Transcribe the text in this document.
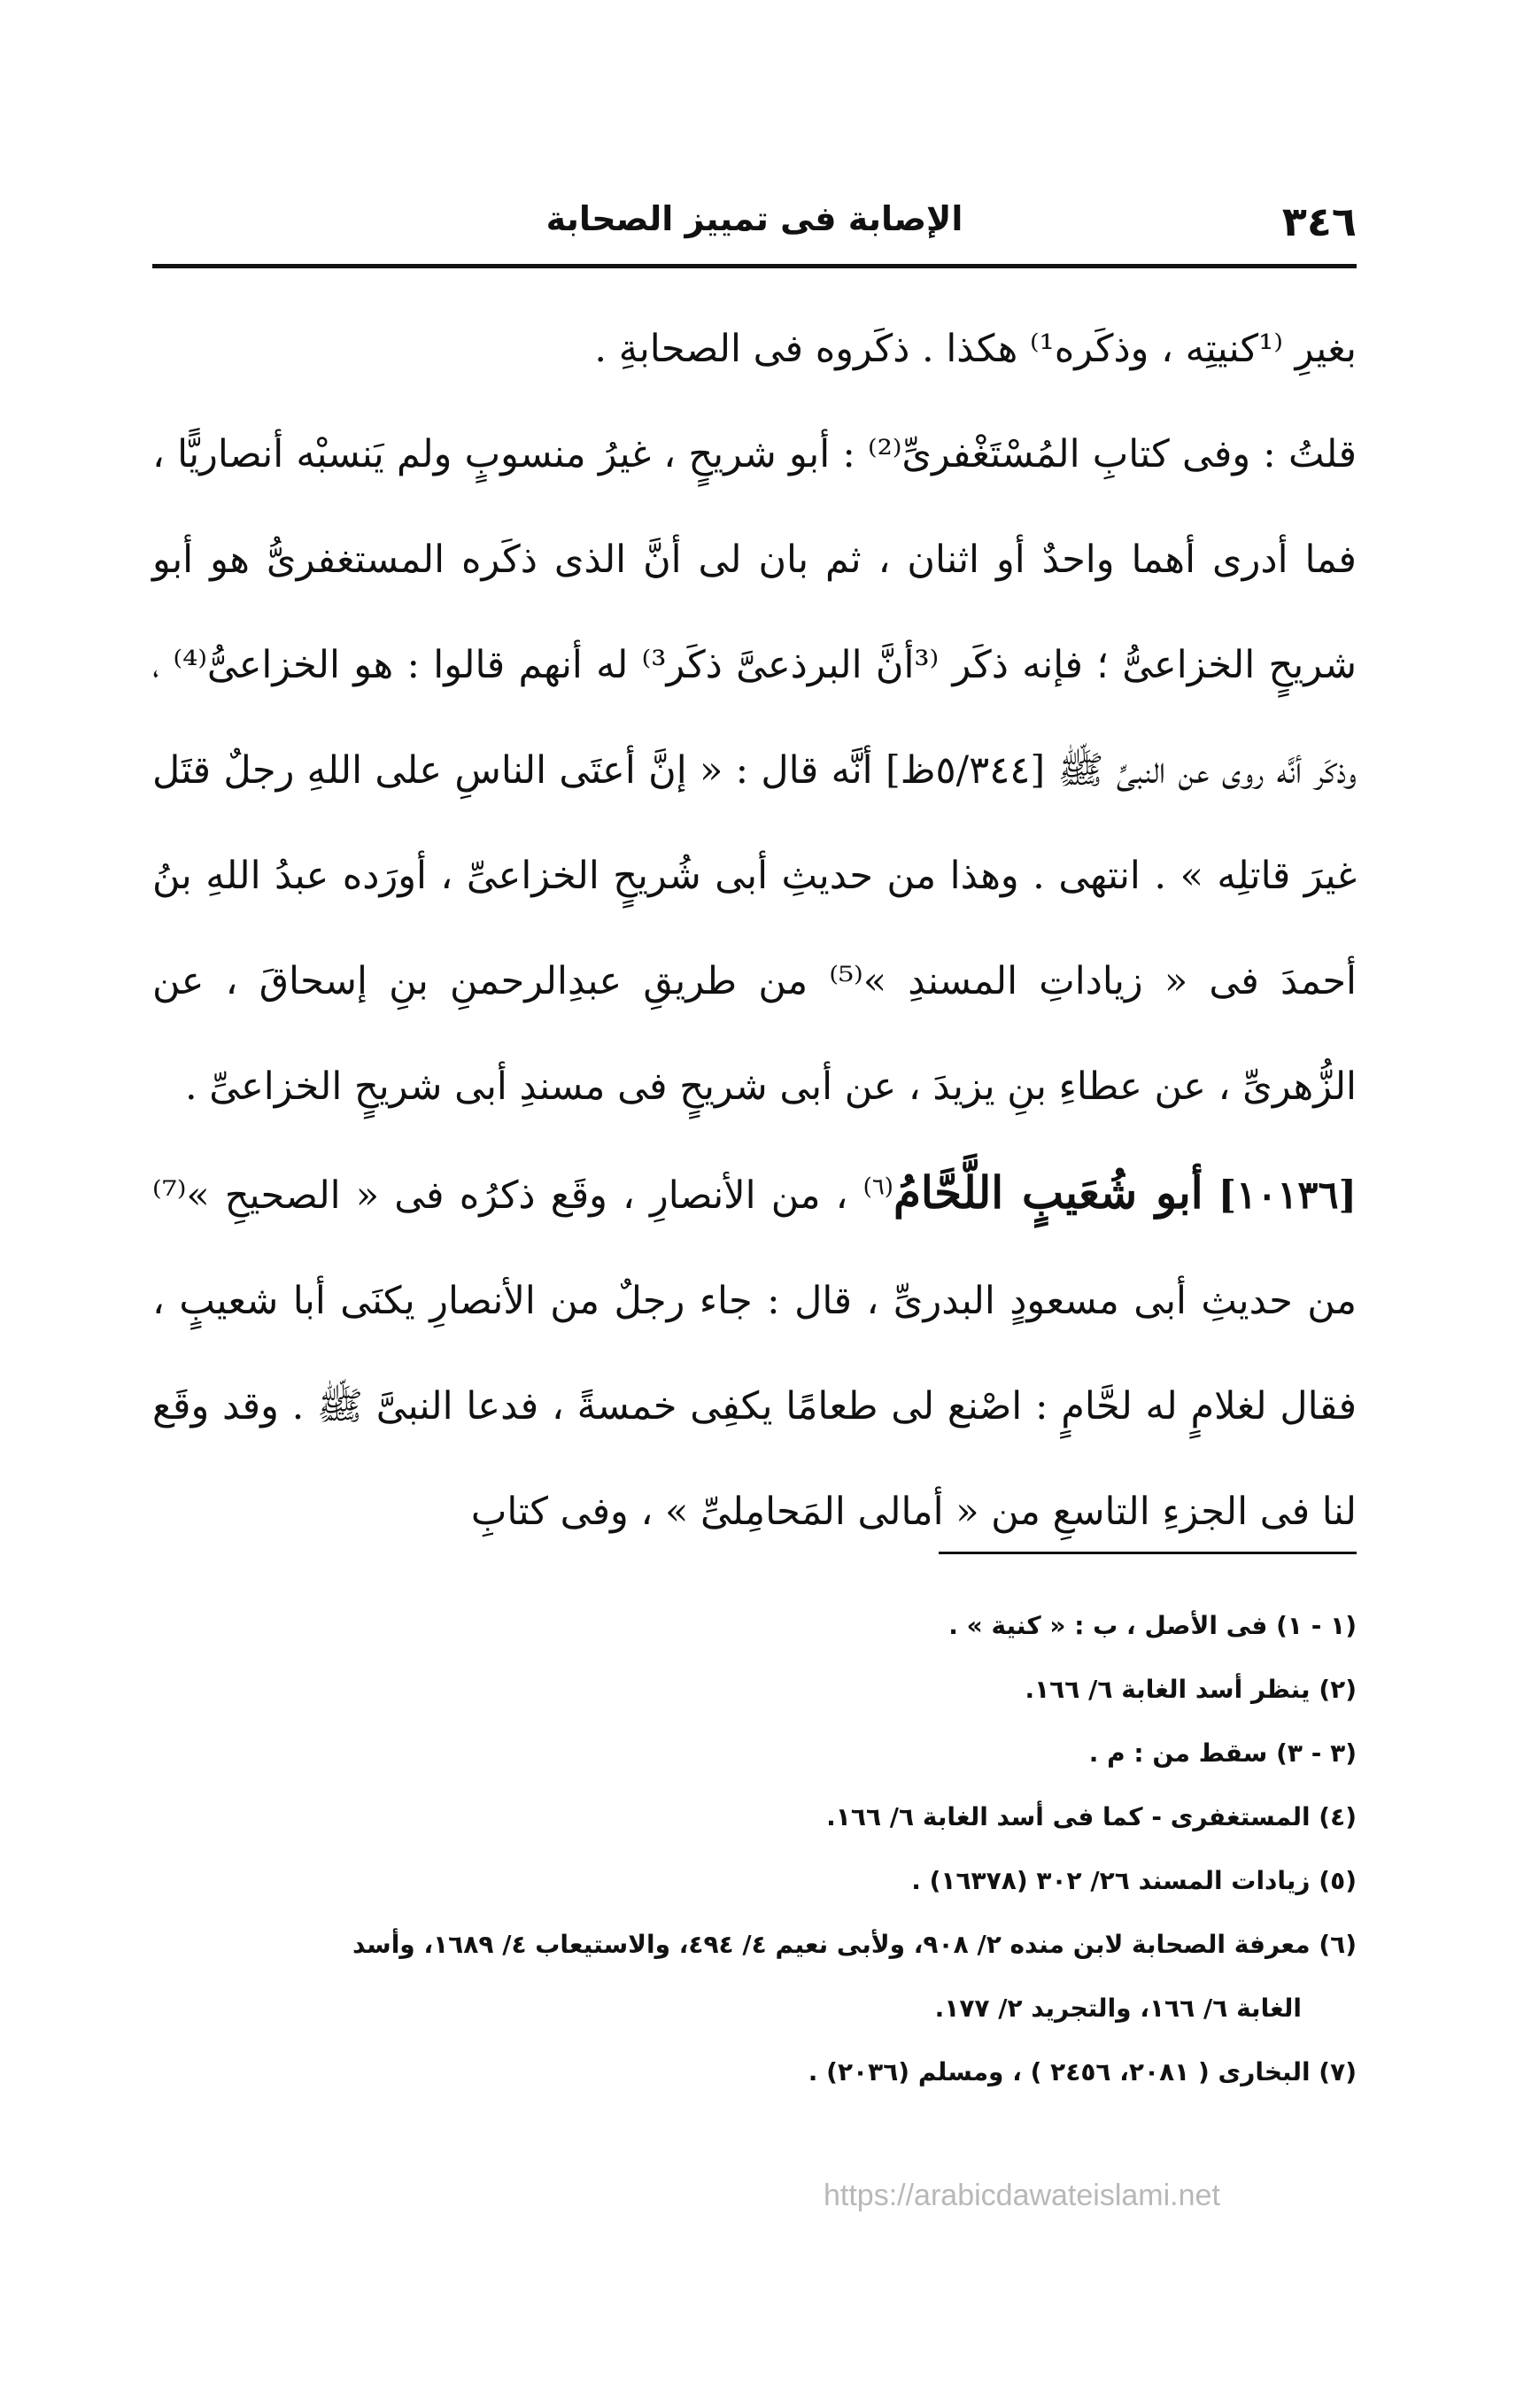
٣٤٦
الإصابة فى تمييز الصحابة

بغيرِ ⁽¹كنيتِه ، وذكَره¹⁾ هكذا . ذكَروه فى الصحابةِ .

قلتُ : وفى كتابِ المُسْتَغْفرىِّ⁽²⁾ : أبو شريحٍ ، غيرُ منسوبٍ ولم يَنسبْه أنصاريًّا ، فما أدرى أهما واحدٌ أو اثنان ، ثم بان لى أنَّ الذى ذكَره المستغفرىُّ هو أبو شريحٍ الخزاعىُّ ؛ فإنه ذكَر ⁽³أنَّ البرذعىَّ ذكَر³⁾ له أنهم قالوا : هو الخزاعىُّ⁽⁴⁾ ، وذكَر أنَّه روى عن النبىِّ ﷺ [٥/٣٤٤ظ] أنَّه قال : « إنَّ أعتَى الناسِ على اللهِ رجلٌ قتَل غيرَ قاتلِه » . انتهى . وهذا من حديثِ أبى شُريحٍ الخزاعىِّ ، أورَده عبدُ اللهِ بنُ أحمدَ فى « زياداتِ المسندِ »⁽⁵⁾ من طريقِ عبدِالرحمنِ بنِ إسحاقَ ، عن الزُّهرىِّ ، عن عطاءِ بنِ يزيدَ ، عن أبى شريحٍ فى مسندِ أبى شريحٍ الخزاعىِّ .

[١٠١٣٦] أبو شُعَيبٍ اللَّحَّامُ$^{(٦)}$ ، من الأنصارِ ، وقَع ذكرُه فى « الصحيحِ »⁽⁷⁾ من حديثِ أبى مسعودٍ البدرىِّ ، قال : جاء رجلٌ من الأنصارِ يكنَى أبا شعيبٍ ، فقال لغلامٍ له لحَّامٍ : اصْنع لى طعامًا يكفِى خمسةً ، فدعا النبىَّ ﷺ . وقد وقَع لنا فى الجزءِ التاسعِ من « أمالى المَحامِلىِّ » ، وفى كتابِ

(١ - ١) فى الأصل ، ب : « كنية » .

(٢) ينظر أسد الغابة ٦/ ١٦٦.

(٣ - ٣) سقط من : م .

(٤) المستغفرى - كما فى أسد الغابة ٦/ ١٦٦.

(٥) زيادات المسند ٢٦/ ٣٠٢ (١٦٣٧٨) .

(٦) معرفة الصحابة لابن منده ٢/ ٩٠٨، ولأبى نعيم ٤/ ٤٩٤، والاستيعاب ٤/ ١٦٨٩، وأسد

الغابة ٦/ ١٦٦، والتجريد ٢/ ١٧٧.

(٧) البخارى ( ٢٠٨١، ٢٤٥٦ ) ، ومسلم (٢٠٣٦) .

https://arabicdawateislami.net
